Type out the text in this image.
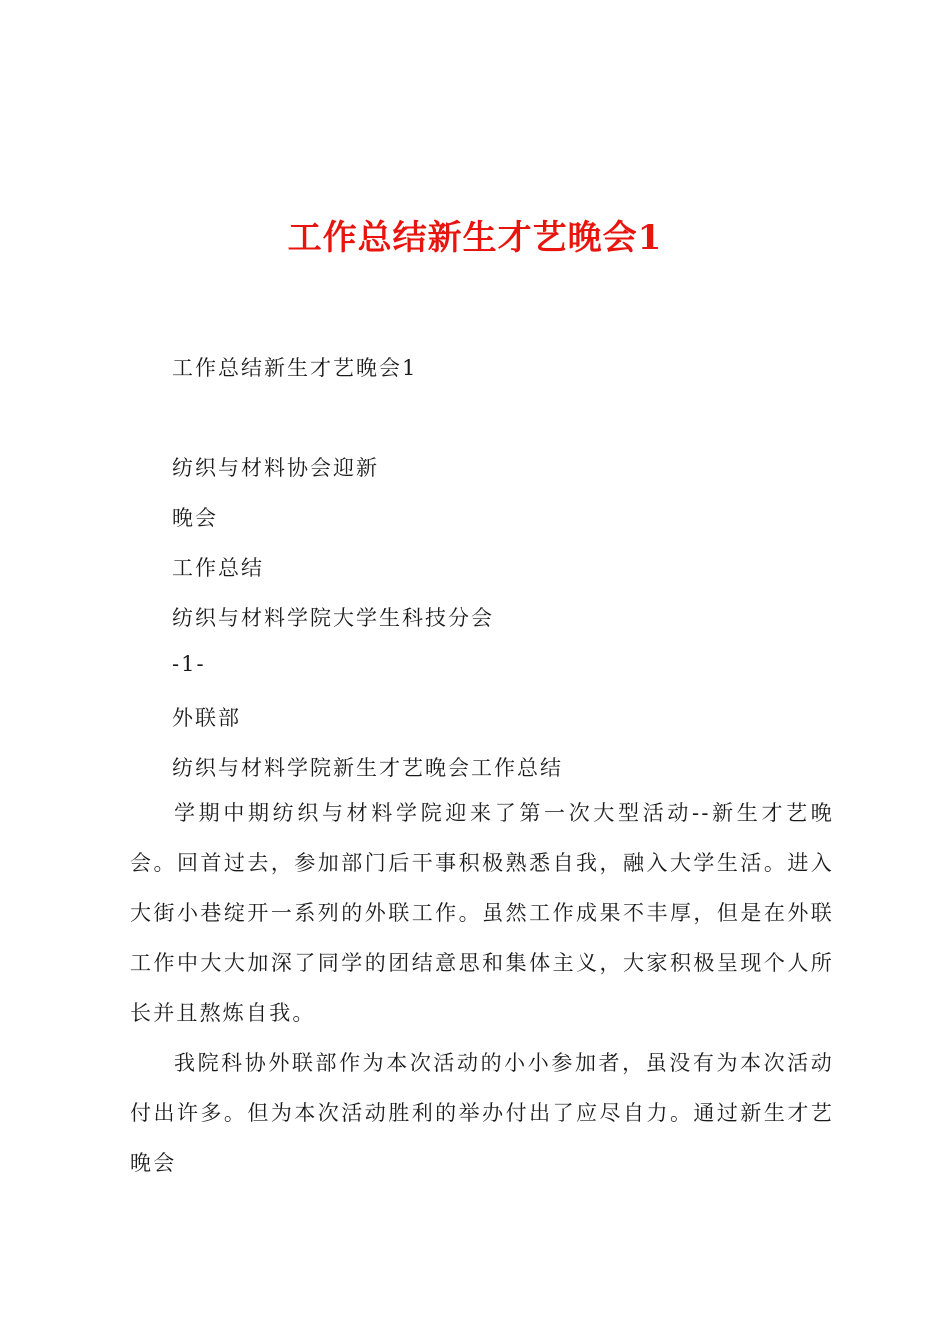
工作总结新生才艺晚会1

工作总结新生才艺晚会1

纺织与材料协会迎新

晚会

工作总结

纺织与材料学院大学生科技分会

-1-

外联部

纺织与材料学院新生才艺晚会工作总结

学期中期纺织与材料学院迎来了第一次大型活动--新生才艺晚会。回首过去，参加部门后干事积极熟悉自我，融入大学生活。进入大街小巷绽开一系列的外联工作。虽然工作成果不丰厚，但是在外联工作中大大加深了同学的团结意思和集体主义，大家积极呈现个人所长并且熬炼自我。

我院科协外联部作为本次活动的小小参加者，虽没有为本次活动付出许多。但为本次活动胜利的举办付出了应尽自力。通过新生才艺晚会
